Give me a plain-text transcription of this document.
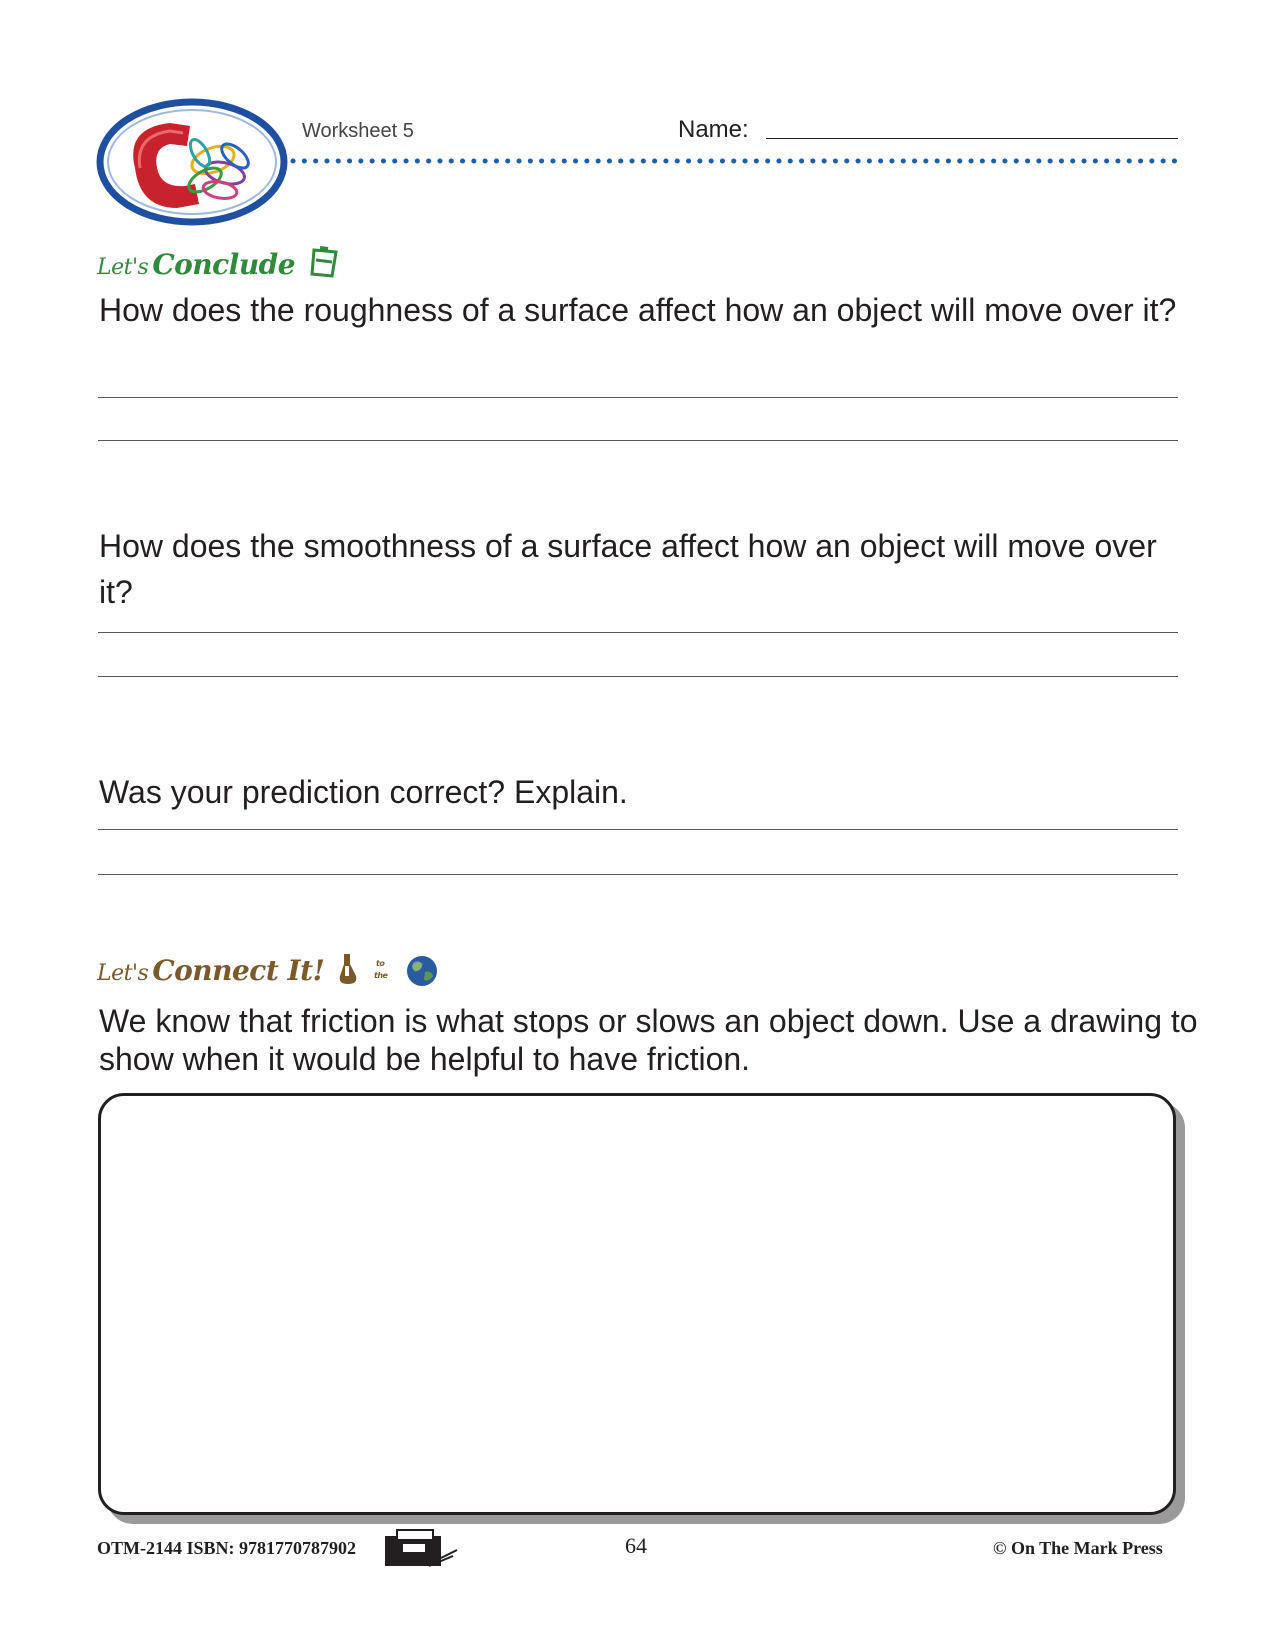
Worksheet 5	Name:
Let's Conclude
How does the roughness of a surface affect how an object will move over it?
How does the smoothness of a surface affect how an object will move over it?
Was your prediction correct? Explain.
Let's Connect It!	to
the

We know that friction is what stops or slows an object down. Use a drawing to show when it would be helpful to have friction.
OTM-2144 ISBN: 9781770787902	64	© On The Mark Press
